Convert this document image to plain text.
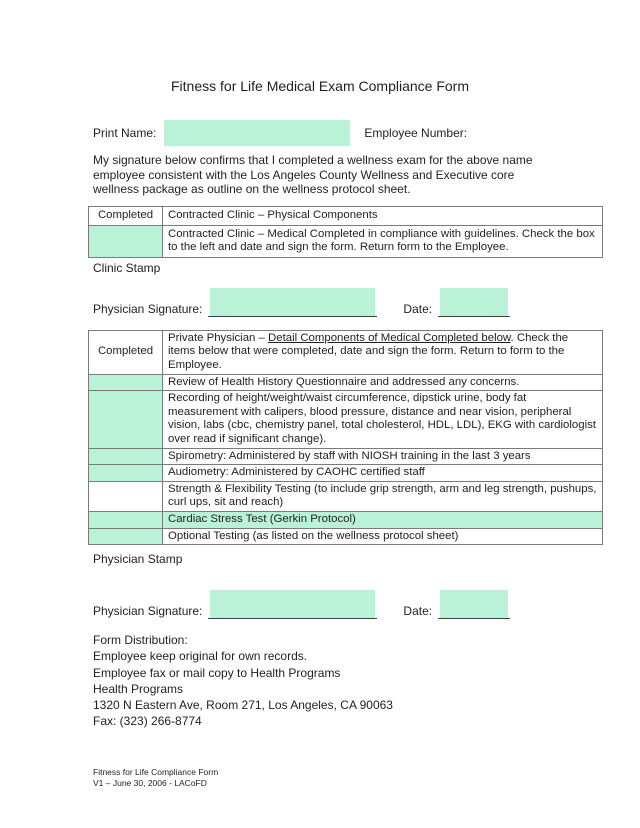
Fitness for Life Medical Exam Compliance Form
Print Name:	Employee Number:

My signature below confirms that I completed a wellness exam for the above name employee consistent with the Los Angeles County Wellness and Executive core wellness package as outline on the wellness protocol sheet.

Completed	Contracted Clinic – Physical Components
	Contracted Clinic – Medical Completed in compliance with guidelines. Check the box to the left and date and sign the form. Return form to the Employee.
Clinic Stamp
Physician Signature:	Date:
Completed	Private Physician – Detail Components of Medical Completed below. Check the items below that were completed, date and sign the form. Return to form to the Employee.
	Review of Health History Questionnaire and addressed any concerns.
	Recording of height/weight/waist circumference, dipstick urine, body fat measurement with calipers, blood pressure, distance and near vision, peripheral vision, labs (cbc, chemistry panel, total cholesterol, HDL, LDL), EKG with cardiologist over read if significant change).
	Spirometry: Administered by staff with NIOSH training in the last 3 years
	Audiometry: Administered by CAOHC certified staff
	Strength & Flexibility Testing (to include grip strength, arm and leg strength, pushups, curl ups, sit and reach)
	Cardiac Stress Test (Gerkin Protocol)
	Optional Testing (as listed on the wellness protocol sheet)
Physician Stamp
Physician Signature:	Date:
Form Distribution:
Employee keep original for own records.
Employee fax or mail copy to Health Programs
Health Programs
1320 N Eastern Ave, Room 271, Los Angeles, CA 90063
Fax: (323) 266-8774
Fitness for Life Compliance Form
V1 – June 30, 2006 - LACoFD
